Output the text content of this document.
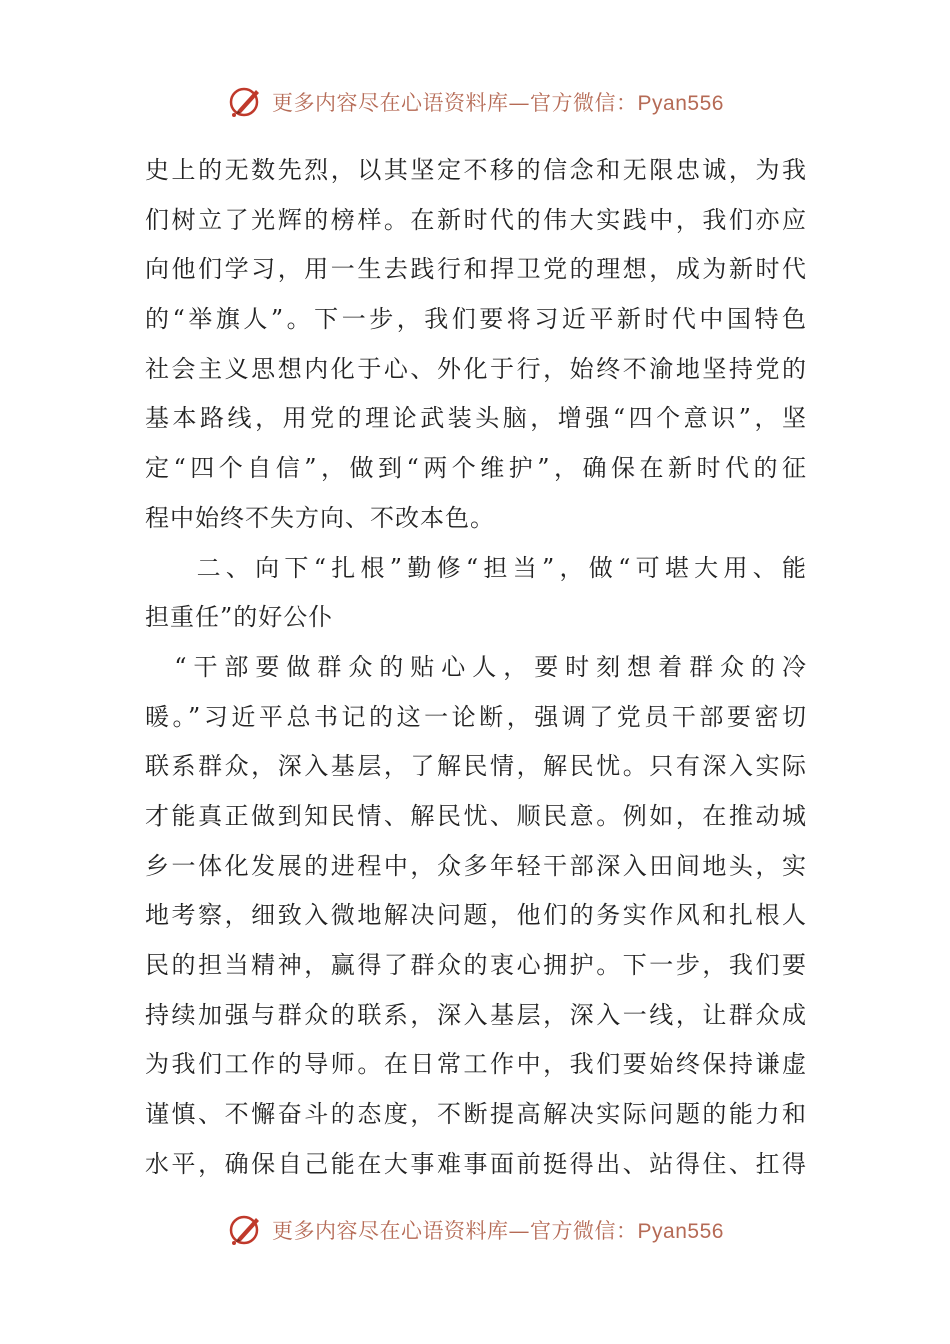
更多内容尽在心语资料库—官方微信：Pyan556
史上的无数先烈，以其坚定不移的信念和无限忠诚，为我
们树立了光辉的榜样。在新时代的伟大实践中，我们亦应
向他们学习，用一生去践行和捍卫党的理想，成为新时代
的“举旗人”。下一步，我们要将习近平新时代中国特色
社会主义思想内化于心、外化于行，始终不渝地坚持党的
基本路线，用党的理论武装头脑，增强“四个意识”，坚
定“四个自信”，做到“两个维护”，确保在新时代的征
程中始终不失方向、不改本色。
二、向下“扎根”勤修“担当”，做“可堪大用、能
担重任”的好公仆
“干部要做群众的贴心人，要时刻想着群众的冷
暖。”习近平总书记的这一论断，强调了党员干部要密切
联系群众，深入基层，了解民情，解民忧。只有深入实际
才能真正做到知民情、解民忧、顺民意。例如，在推动城
乡一体化发展的进程中，众多年轻干部深入田间地头，实
地考察，细致入微地解决问题，他们的务实作风和扎根人
民的担当精神，赢得了群众的衷心拥护。下一步，我们要
持续加强与群众的联系，深入基层，深入一线，让群众成
为我们工作的导师。在日常工作中，我们要始终保持谦虚
谨慎、不懈奋斗的态度，不断提高解决实际问题的能力和
水平，确保自己能在大事难事面前挺得出、站得住、扛得
更多内容尽在心语资料库—官方微信：Pyan556
